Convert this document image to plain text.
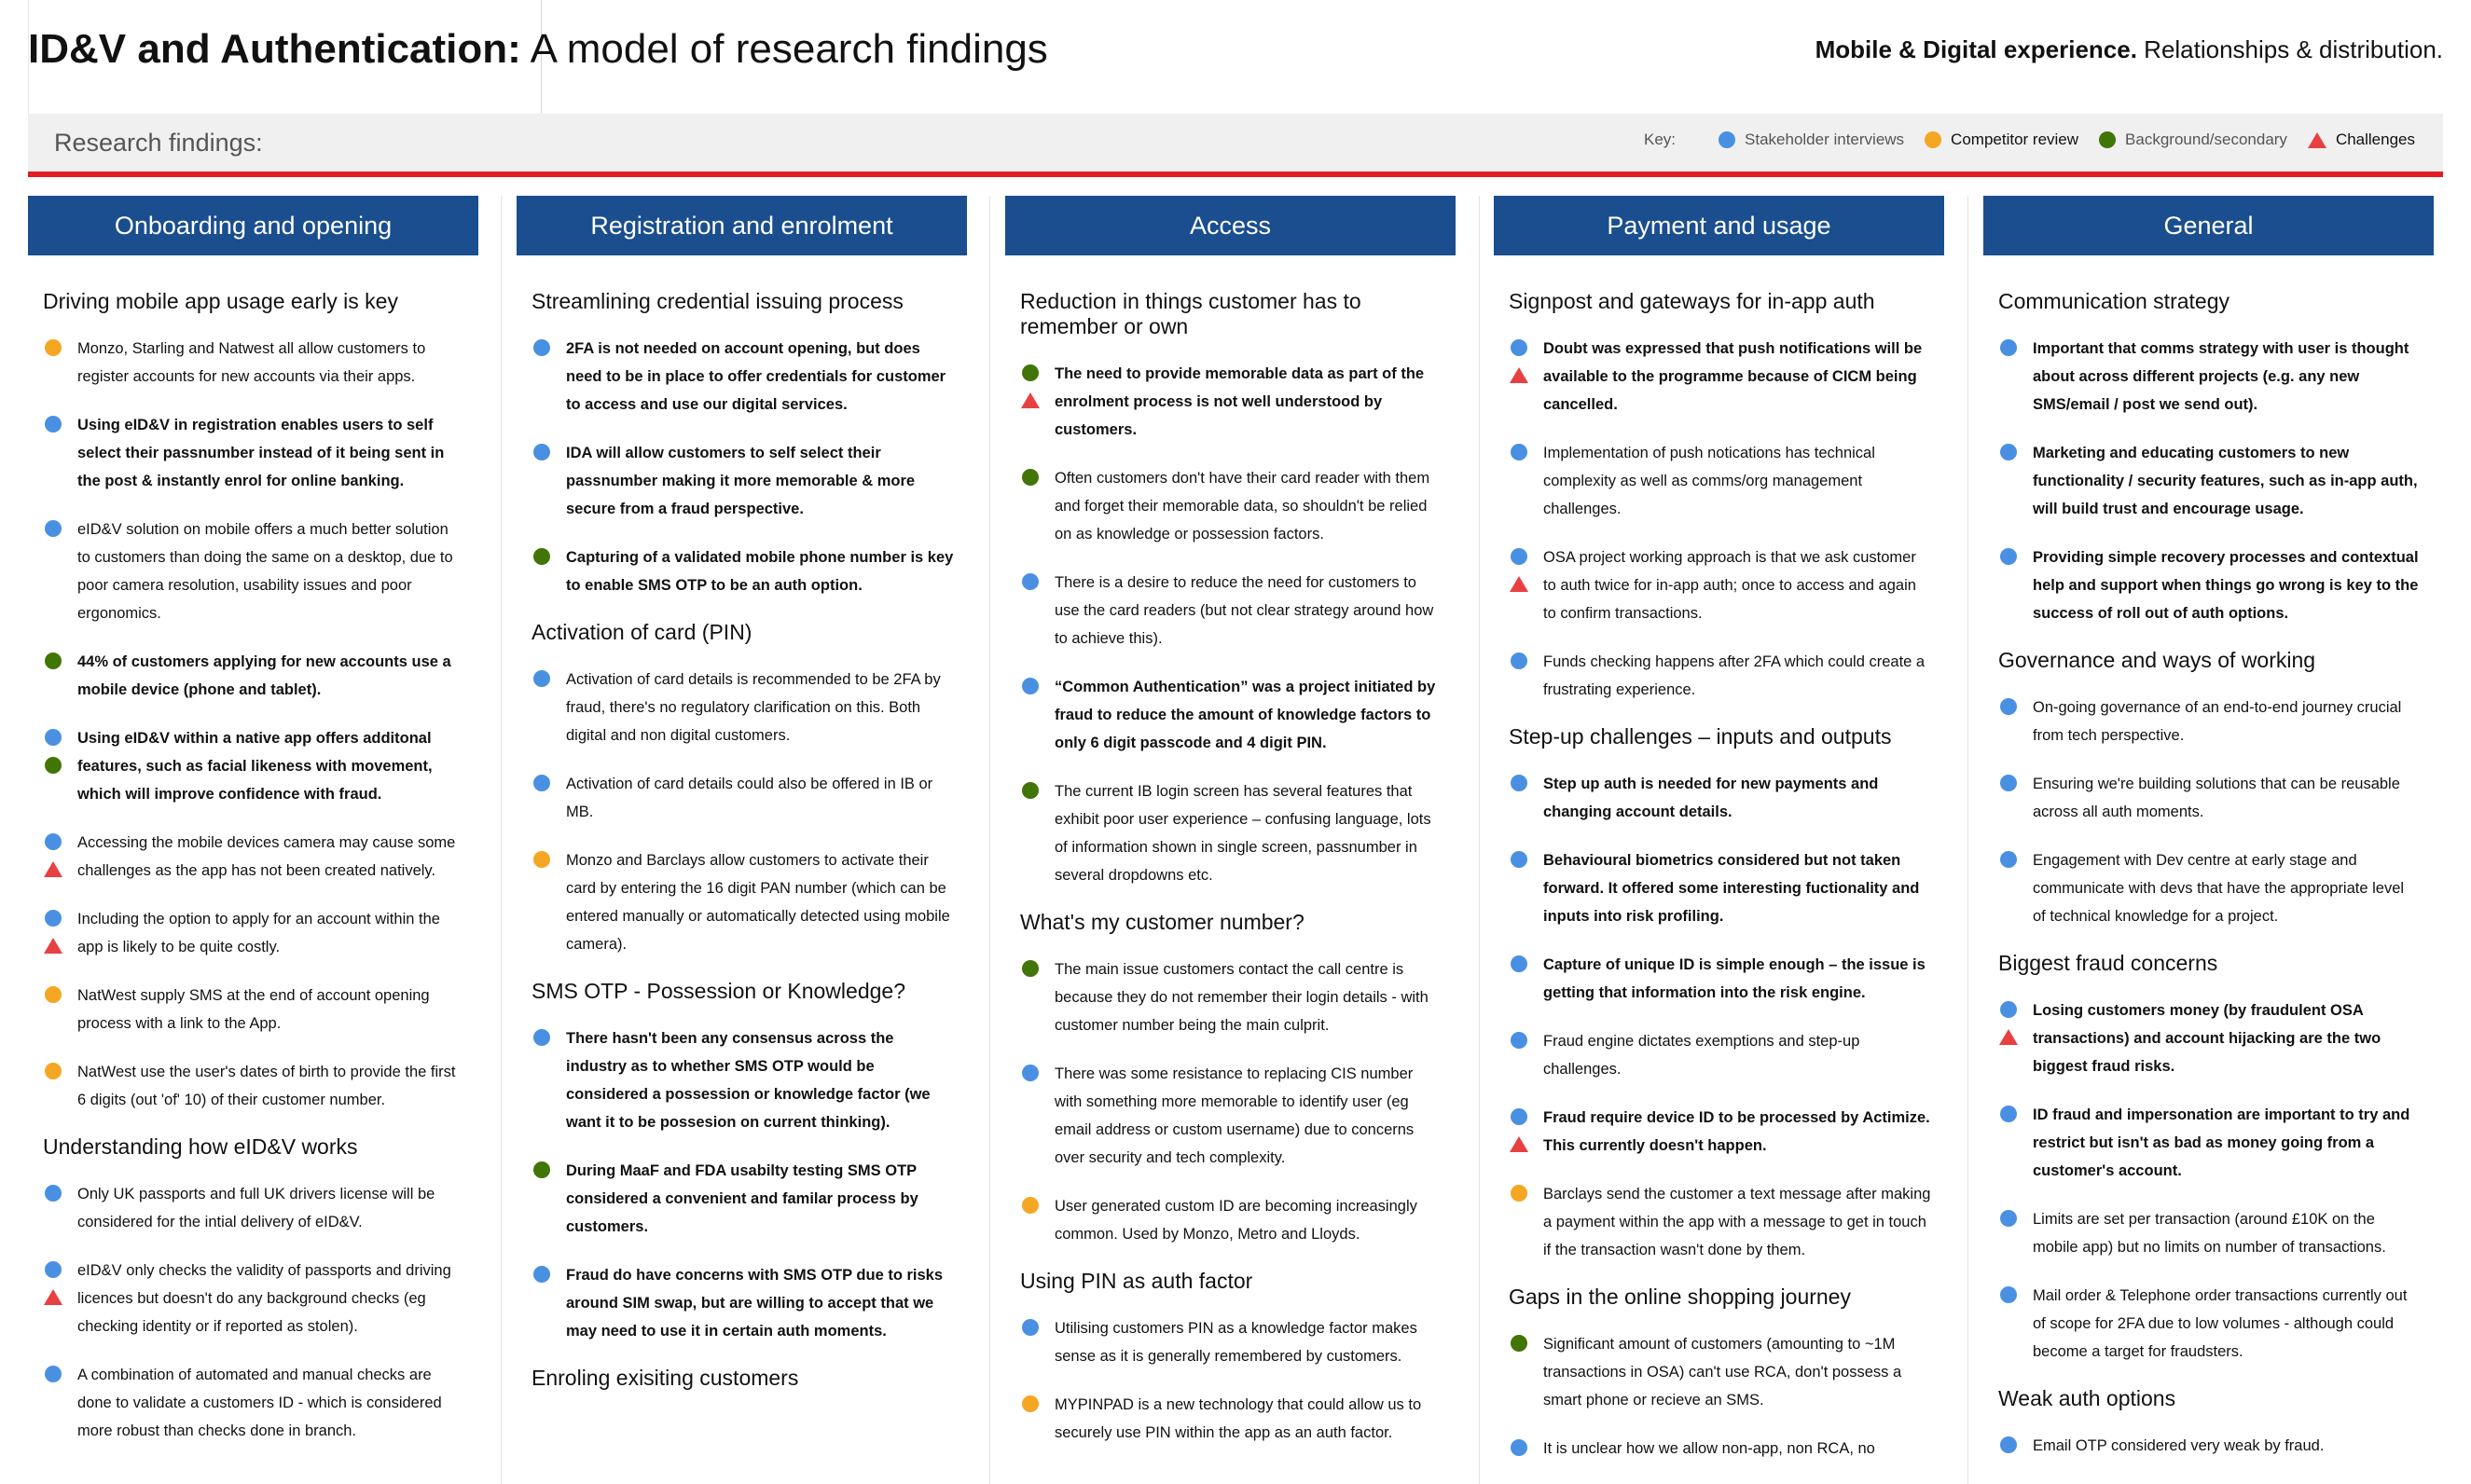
ID&V and Authentication: A model of research findings	Mobile & Digital experience. Relationships & distribution.
Research findings:	Key:	Stakeholder interviews	Competitor review	Background/secondary	Challenges
Onboarding and opening
Driving mobile app usage early is key
Monzo, Starling and Natwest all allow customers to register accounts for new accounts via their apps.
Using eID&V in registration enables users to self select their passnumber instead of it being sent in the post & instantly enrol for online banking.
eID&V solution on mobile offers a much better solution to customers than doing the same on a desktop, due to poor camera resolution, usability issues and poor ergonomics.
44% of customers applying for new accounts use a mobile device (phone and tablet).
Using eID&V within a native app offers additonal features, such as facial likeness with movement, which will improve confidence with fraud.
Accessing the mobile devices camera may cause some challenges as the app has not been created natively.
Including the option to apply for an account within the app is likely to be quite costly.
NatWest supply SMS at the end of account opening process with a link to the App.
NatWest use the user's dates of birth to provide the first 6 digits (out 'of' 10) of their customer number.
Understanding how eID&V works
Only UK passports and full UK drivers license will be considered for the intial delivery of eID&V.
eID&V only checks the validity of passports and driving licences but doesn't do any background checks (eg checking identity or if reported as stolen).
A combination of automated and manual checks are done to validate a customers ID - which is considered more robust than checks done in branch.
Registration and enrolment
Streamlining credential issuing process
2FA is not needed on account opening, but does need to be in place to offer credentials for customer to access and use our digital services.
IDA will allow customers to self select their passnumber making it more memorable & more secure from a fraud perspective.
Capturing of a validated mobile phone number is key to enable SMS OTP to be an auth option.
Activation of card (PIN)
Activation of card details is recommended to be 2FA by fraud, there's no regulatory clarification on this. Both digital and non digital customers.
Activation of card details could also be offered in IB or MB.
Monzo and Barclays allow customers to activate their card by entering the 16 digit PAN number (which can be entered manually or automatically detected using mobile camera).
SMS OTP - Possession or Knowledge?
There hasn't been any consensus across the industry as to whether SMS OTP would be considered a possession or knowledge factor (we want it to be possesion on current thinking).
During MaaF and FDA usabilty testing SMS OTP considered a convenient and familar process by customers.
Fraud do have concerns with SMS OTP due to risks around SIM swap, but are willing to accept that we may need to use it in certain auth moments.
Enroling exisiting customers
Access
Reduction in things customer has to remember or own
The need to provide memorable data as part of the enrolment process is not well understood by customers.
Often customers don't have their card reader with them and forget their memorable data, so shouldn't be relied on as knowledge or possession factors.
There is a desire to reduce the need for customers to use the card readers (but not clear strategy around how to achieve this).
“Common Authentication” was a project initiated by fraud to reduce the amount of knowledge factors to only 6 digit passcode and 4 digit PIN.
The current IB login screen has several features that exhibit poor user experience – confusing language, lots of information shown in single screen, passnumber in several dropdowns etc.
What's my customer number?
The main issue customers contact the call centre is because they do not remember their login details - with customer number being the main culprit.
There was some resistance to replacing CIS number with something more memorable to identify user (eg email address or custom username) due to concerns over security and tech complexity.
User generated custom ID are becoming increasingly common. Used by Monzo, Metro and Lloyds.
Using PIN as auth factor
Utilising customers PIN as a knowledge factor makes sense as it is generally remembered by customers.
MYPINPAD is a new technology that could allow us to securely use PIN within the app as an auth factor.
Payment and usage
Signpost and gateways for in-app auth
Doubt was expressed that push notifications will be available to the programme because of CICM being cancelled.
Implementation of push notications has technical complexity as well as comms/org management challenges.
OSA project working approach is that we ask customer to auth twice for in-app auth; once to access and again to confirm transactions.
Funds checking happens after 2FA which could create a frustrating experience.
Step-up challenges – inputs and outputs
Step up auth is needed for new payments and changing account details.
Behavioural biometrics considered but not taken forward. It offered some interesting fuctionality and inputs into risk profiling.
Capture of unique ID is simple enough – the issue is getting that information into the risk engine.
Fraud engine dictates exemptions and step-up challenges.
Fraud require device ID to be processed by Actimize. This currently doesn't happen.
Barclays send the customer a text message after making a payment within the app with a message to get in touch if the transaction wasn't done by them.
Gaps in the online shopping journey
Significant amount of customers (amounting to ~1M transactions in OSA) can't use RCA, don't possess a smart phone or recieve an SMS.
It is unclear how we allow non-app, non RCA, no
General
Communication strategy
Important that comms strategy with user is thought about across different projects (e.g. any new SMS/email / post we send out).
Marketing and educating customers to new functionality / security features, such as in-app auth, will build trust and encourage usage.
Providing simple recovery processes and contextual help and support when things go wrong is key to the success of roll out of auth options.
Governance and ways of working
On-going governance of an end-to-end journey crucial from tech perspective.
Ensuring we're building solutions that can be reusable across all auth moments.
Engagement with Dev centre at early stage and communicate with devs that have the appropriate level of technical knowledge for a project.
Biggest fraud concerns
Losing customers money (by fraudulent OSA transactions) and account hijacking are the two biggest fraud risks.
ID fraud and impersonation are important to try and restrict but isn't as bad as money going from a customer's account.
Limits are set per transaction (around £10K on the mobile app) but no limits on number of transactions.
Mail order & Telephone order transactions currently out of scope for 2FA due to low volumes - although could become a target for fraudsters.
Weak auth options
Email OTP considered very weak by fraud.
